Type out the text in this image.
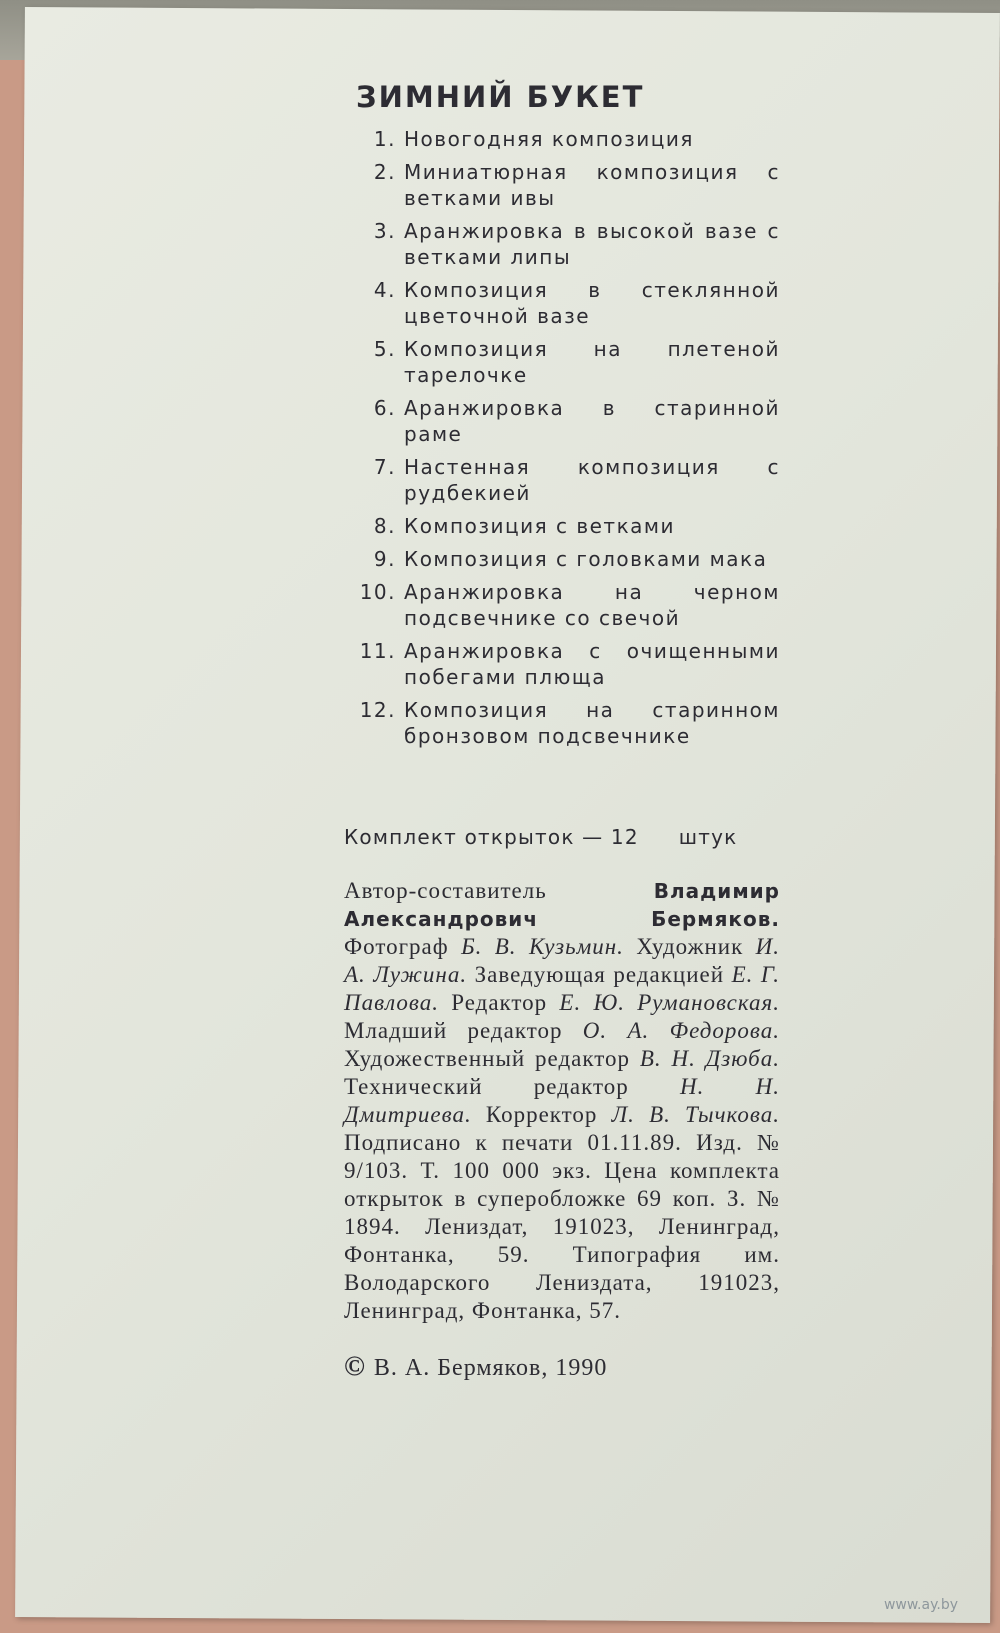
ЗИМНИЙ БУКЕТ
1. Новогодняя композиция
2. Миниатюрная композиция с ветками ивы
3. Аранжировка в высокой вазе с ветками липы
4. Композиция в стеклянной цветочной вазе
5. Композиция на плетеной тарелочке
6. Аранжировка в старинной раме
7. Настенная композиция с рудбекией
8. Композиция с ветками
9. Композиция с головками мака
10. Аранжировка на черном подсвечнике со свечой
11. Аранжировка с очищенными побегами плюща
12. Композиция на старинном бронзовом подсвечнике
Комплект открыток — 12 штук
Автор-составитель	Владимир Александрович Бермяков. Фотограф Б. В. Кузьмин. Художник И. А. Лужина. Заведующая редакцией Е. Г. Павлова. Редактор Е. Ю. Румановская. Младший редактор О. А. Федорова. Художественный редактор В. Н. Дзюба. Технический редактор Н. Н. Дмитриева. Корректор Л. В. Тычкова. Подписано к печати 01.11.89. Изд. № 9/103. Т. 100 000 экз. Цена комплекта открыток в суперобложке 69 коп. З. № 1894. Лениздат, 191023, Ленинград, Фонтанка, 59. Типография им. Володарского Лениздата, 191023, Ленинград, Фонтанка, 57.
© В. А. Бермяков, 1990
www.ay.by
